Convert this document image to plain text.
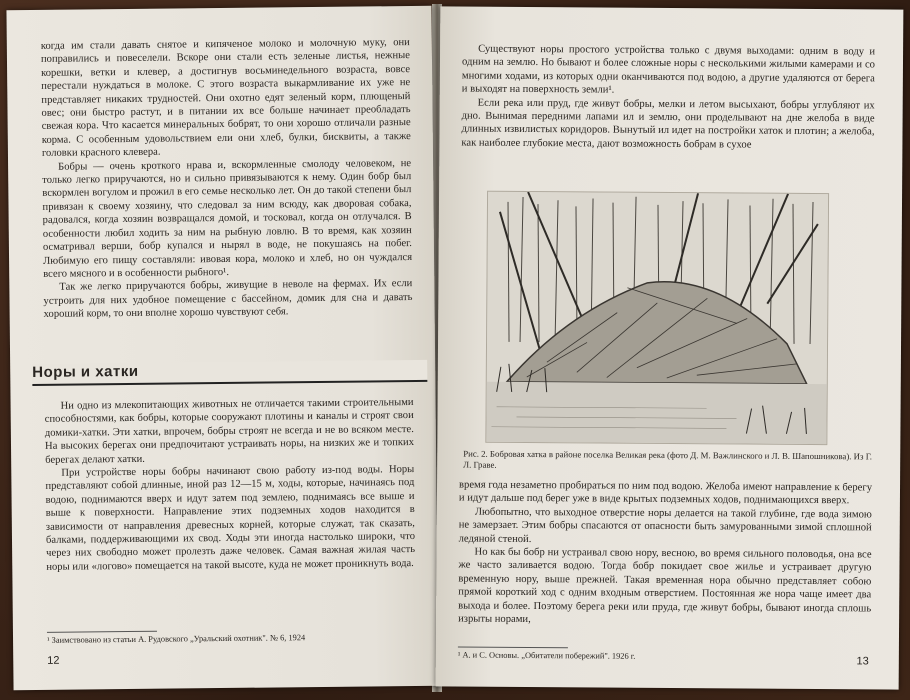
когда им стали давать снятое и кипяченое молоко и молочную муку, они поправились и повеселели. Вскоре они стали есть зеленые листья, нежные корешки, ветки и клевер, а достигнув восьминедельного возраста, вовсе перестали нуждаться в молоке. С этого возраста выкармливание их уже не представляет никаких трудностей. Они охотно едят зеленый корм, плющеный овес; они быстро растут, и в питании их все больше начинает преобладать свежая кора. Что касается минеральных бобрят, то они хорошо отличали разные корма. С особенным удовольствием ели они хлеб, булки, бисквиты, а также головки красного клевера.

Бобры — очень кроткого нрава и, вскормленные смолоду человеком, не только легко приручаются, но и сильно привязываются к нему. Один бобр был вскормлен вогулом и прожил в его семье несколько лет. Он до такой степени был привязан к своему хозяину, что следовал за ним всюду, как дворовая собака, радовался, когда хозяин возвращался домой, и тосковал, когда он отлучался. В особенности любил ходить за ним на рыбную ловлю. В то время, как хозяин осматривал верши, бобр купался и нырял в воде, не покушаясь на побег. Любимую его пищу составляли: ивовая кора, молоко и хлеб, но он чуждался всего мясного и в особенности рыбного¹.

Так же легко приручаются бобры, живущие в неволе на фермах. Их если устроить для них удобное помещение с бассейном, домик для сна и давать хороший корм, то они вполне хорошо чувствуют себя.

Норы и хатки

Ни одно из млекопитающих животных не отличается такими строительными способностями, как бобры, которые сооружают плотины и каналы и строят свои домики-хатки. Эти хатки, впрочем, бобры строят не всегда и не во всяком месте. На высоких берегах они предпочитают устраивать норы, на низких же и топких берегах делают хатки.

При устройстве норы бобры начинают свою работу из-под воды. Норы представляют собой длинные, иной раз 12—15 м, ходы, которые, начинаясь под водою, поднимаются вверх и идут затем под землею, поднимаясь все выше и выше к поверхности. Направление этих подземных ходов находится в зависимости от направления древесных корней, которые служат, так сказать, балками, поддерживающими их свод. Ходы эти иногда настолько широки, что через них свободно может пролезть даже человек. Самая важная жилая часть норы или «логово» помещается на такой высоте, куда не может проникнуть вода.

¹ Заимствовано из статьи А. Рудовского „Уральский охотник". № 6, 1924
12

Существуют норы простого устройства только с двумя выходами: одним в воду и одним на землю. Но бывают и более сложные норы с несколькими жилыми камерами и со многими ходами, из которых одни оканчиваются под водою, а другие удаляются от берега и выходят на поверхность земли¹.

Если река или пруд, где живут бобры, мелки и летом высыхают, бобры углубляют их дно. Вынимая передними лапами ил и землю, они проделывают на дне желоба в виде длинных извилистых коридоров. Вынутый ил идет на постройки хаток и плотин; а желоба, как наиболее глубокие места, дают возможность бобрам в сухое

Рис. 2. Бобровая хатка в районе поселка Великая река (фото Д. М. Важлинского и Л. В. Шапошникова). Из Г. Л. Граве.

время года незаметно пробираться по ним под водою. Желоба имеют направление к берегу и идут дальше под берег уже в виде крытых подземных ходов, поднимающихся вверх.

Любопытно, что выходное отверстие норы делается на такой глубине, где вода зимою не замерзает. Этим бобры спасаются от опасности быть замурованными зимой сплошной ледяной стеной.

Но как бы бобр ни устраивал свою нору, весною, во время сильного половодья, она все же часто заливается водою. Тогда бобр покидает свое жилье и устраивает другую временную нору, выше прежней. Такая временная нора обычно представляет собою прямой короткий ход с одним входным отверстием. Постоянная же нора чаще имеет два выхода и более. Поэтому берега реки или пруда, где живут бобры, бывают иногда сплошь изрыты норами,

¹ А. и С. Основы. „Обитатели побережий". 1926 г.	13
